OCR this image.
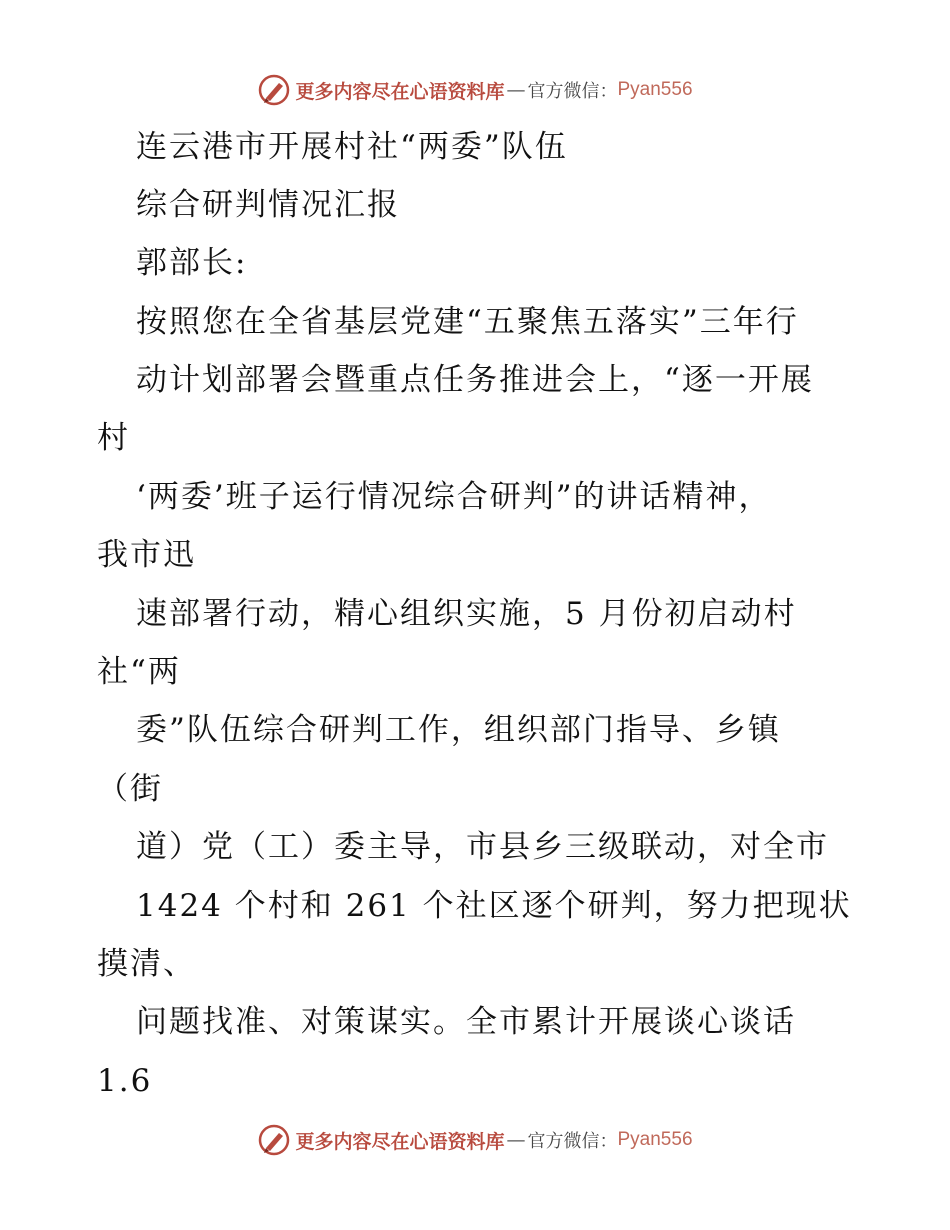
更多内容尽在心语资料库 — 官方微信： Pyan556
连云港市开展村社“两委”队伍
综合研判情况汇报
郭部长:
按照您在全省基层党建“五聚焦五落实”三年行
动计划部署会暨重点任务推进会上，“逐一开展
村
‘两委’班子运行情况综合研判”的讲话精神，
我市迅
速部署行动，精心组织实施，5 月份初启动村
社“两
委”队伍综合研判工作，组织部门指导、乡镇
（街
道）党（工）委主导，市县乡三级联动，对全市
1424 个村和 261 个社区逐个研判，努力把现状
摸清、
问题找准、对策谋实。全市累计开展谈心谈话
1.6
更多内容尽在心语资料库 — 官方微信： Pyan556
